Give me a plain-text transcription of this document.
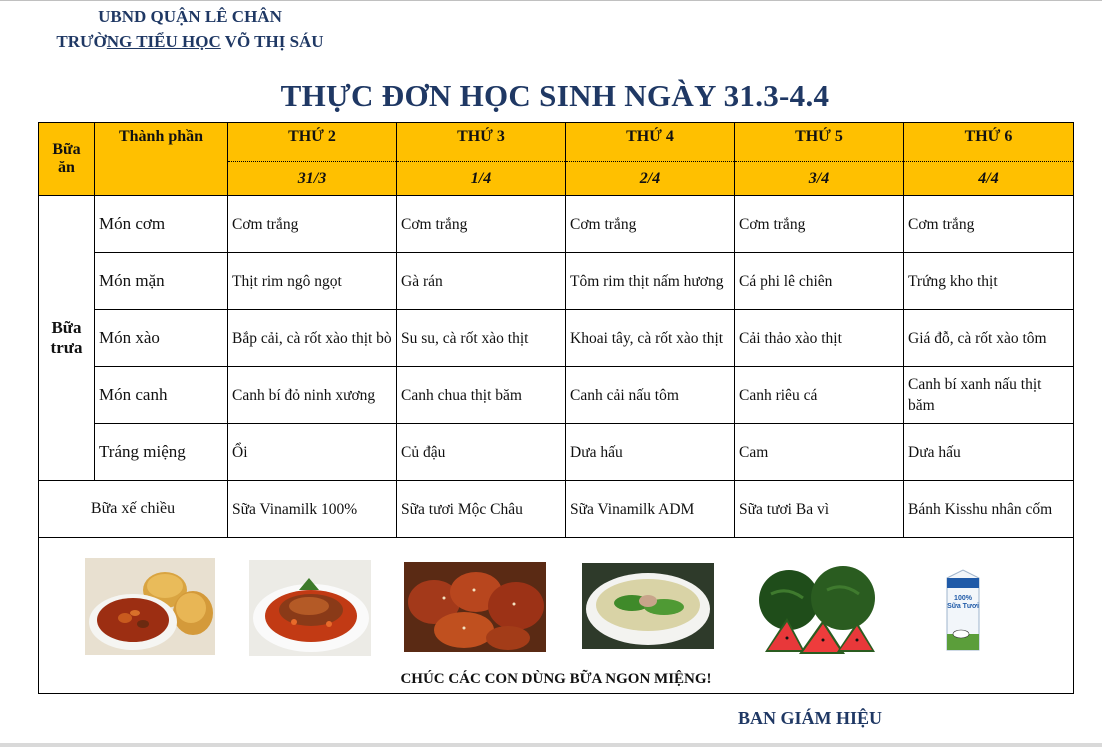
UBND QUẬN LÊ CHÂN
TRƯỜNG TIỂU HỌC VÕ THỊ SÁU
THỰC ĐƠN HỌC SINH NGÀY 31.3-4.4
Bữa ăn	Thành phần	THỨ 2	THỨ 3	THỨ 4	THỨ 5	THỨ 6
		31/3	1/4	2/4	3/4	4/4
Bữa trưa	Món cơm	Cơm trắng	Cơm trắng	Cơm trắng	Cơm trắng	Cơm trắng
	Món mặn	Thịt rim ngô ngọt	Gà rán	Tôm rim thịt nấm hương	Cá phi lê chiên	Trứng kho thịt
	Món xào	Bắp cải, cà rốt xào thịt bò	Su su, cà rốt xào thịt	Khoai tây, cà rốt xào thịt	Cải thảo xào thịt	Giá đỗ, cà rốt xào tôm
	Món canh	Canh bí đỏ ninh xương	Canh chua thịt băm	Canh cải nấu tôm	Canh riêu cá	Canh bí xanh nấu thịt băm
	Tráng miệng	Ổi	Củ đậu	Dưa hấu	Cam	Dưa hấu
Bữa xế chiều		Sữa Vinamilk 100%	Sữa tươi Mộc Châu	Sữa Vinamilk ADM	Sữa tươi Ba vì	Bánh Kisshu nhân cốm

100%
Sữa Tươi
CHÚC CÁC CON DÙNG BỮA NGON MIỆNG!						
BAN GIÁM HIỆU
